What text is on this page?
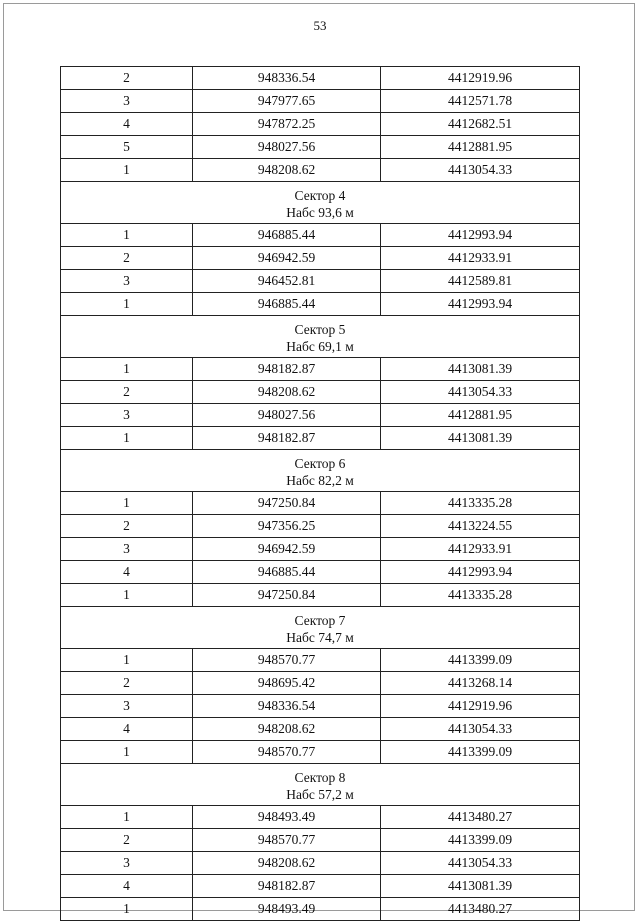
53
2	948336.54	4412919.96
3	947977.65	4412571.78
4	947872.25	4412682.51
5	948027.56	4412881.95
1	948208.62	4413054.33

Сектор 4
Набс 93,6 м		

1	946885.44	4412993.94
2	946942.59	4412933.91
3	946452.81	4412589.81
1	946885.44	4412993.94

Сектор 5
Набс 69,1 м		

1	948182.87	4413081.39
2	948208.62	4413054.33
3	948027.56	4412881.95
1	948182.87	4413081.39

Сектор 6
Набс 82,2 м		

1	947250.84	4413335.28
2	947356.25	4413224.55
3	946942.59	4412933.91
4	946885.44	4412993.94
1	947250.84	4413335.28

Сектор 7
Набс 74,7 м		

1	948570.77	4413399.09
2	948695.42	4413268.14
3	948336.54	4412919.96
4	948208.62	4413054.33
1	948570.77	4413399.09

Сектор 8
Набс 57,2 м		

1	948493.49	4413480.27
2	948570.77	4413399.09
3	948208.62	4413054.33
4	948182.87	4413081.39
1	948493.49	4413480.27
